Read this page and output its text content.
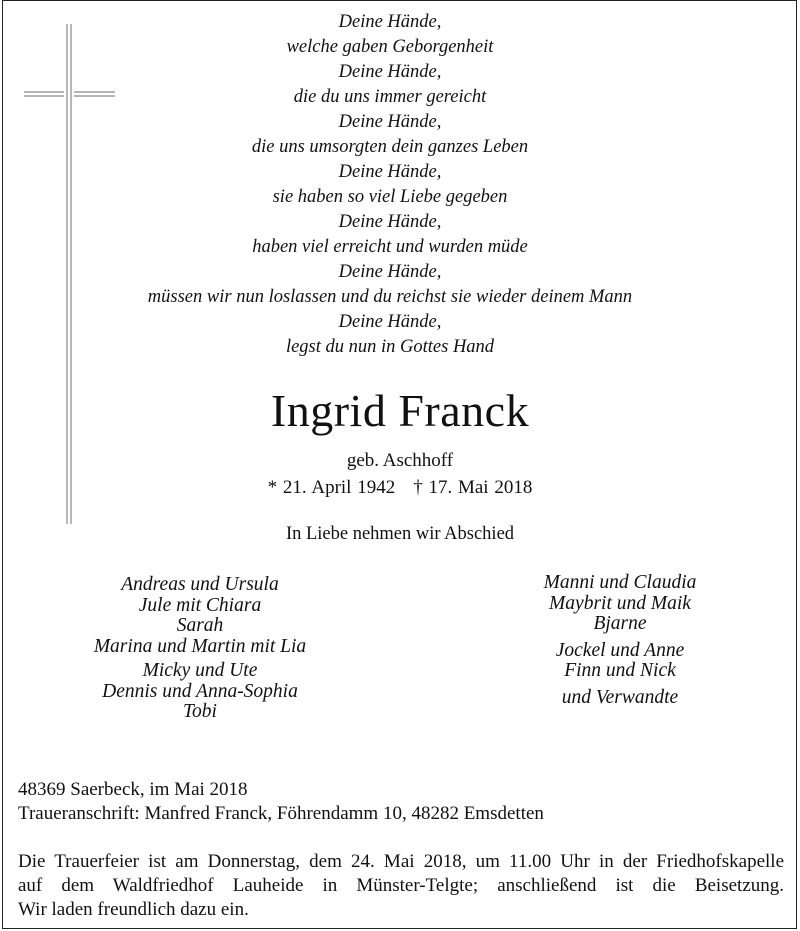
Deine Hände,
welche gaben Geborgenheit
Deine Hände,
die du uns immer gereicht
Deine Hände,
die uns umsorgten dein ganzes Leben
Deine Hände,
sie haben so viel Liebe gegeben
Deine Hände,
haben viel erreicht und wurden müde
Deine Hände,
müssen wir nun loslassen und du reichst sie wieder deinem Mann
Deine Hände,
legst du nun in Gottes Hand
Ingrid Franck
geb. Aschhoff
* 21. April 1942 † 17. Mai 2018
In Liebe nehmen wir Abschied
Andreas und Ursula
Jule mit Chiara
Sarah
Marina und Martin mit Lia
Micky und Ute
Dennis und Anna-Sophia
Tobi
Manni und Claudia
Maybrit und Maik
Bjarne
Jockel und Anne
Finn und Nick
und Verwandte
48369 Saerbeck, im Mai 2018
Traueranschrift: Manfred Franck, Föhrendamm 10, 48282 Emsdetten
Die Trauerfeier ist am Donnerstag, dem 24. Mai 2018, um 11.00 Uhr in der Friedhofskapelle
auf dem Waldfriedhof Lauheide in Münster-Telgte; anschließend ist die Beisetzung.
Wir laden freundlich dazu ein.
